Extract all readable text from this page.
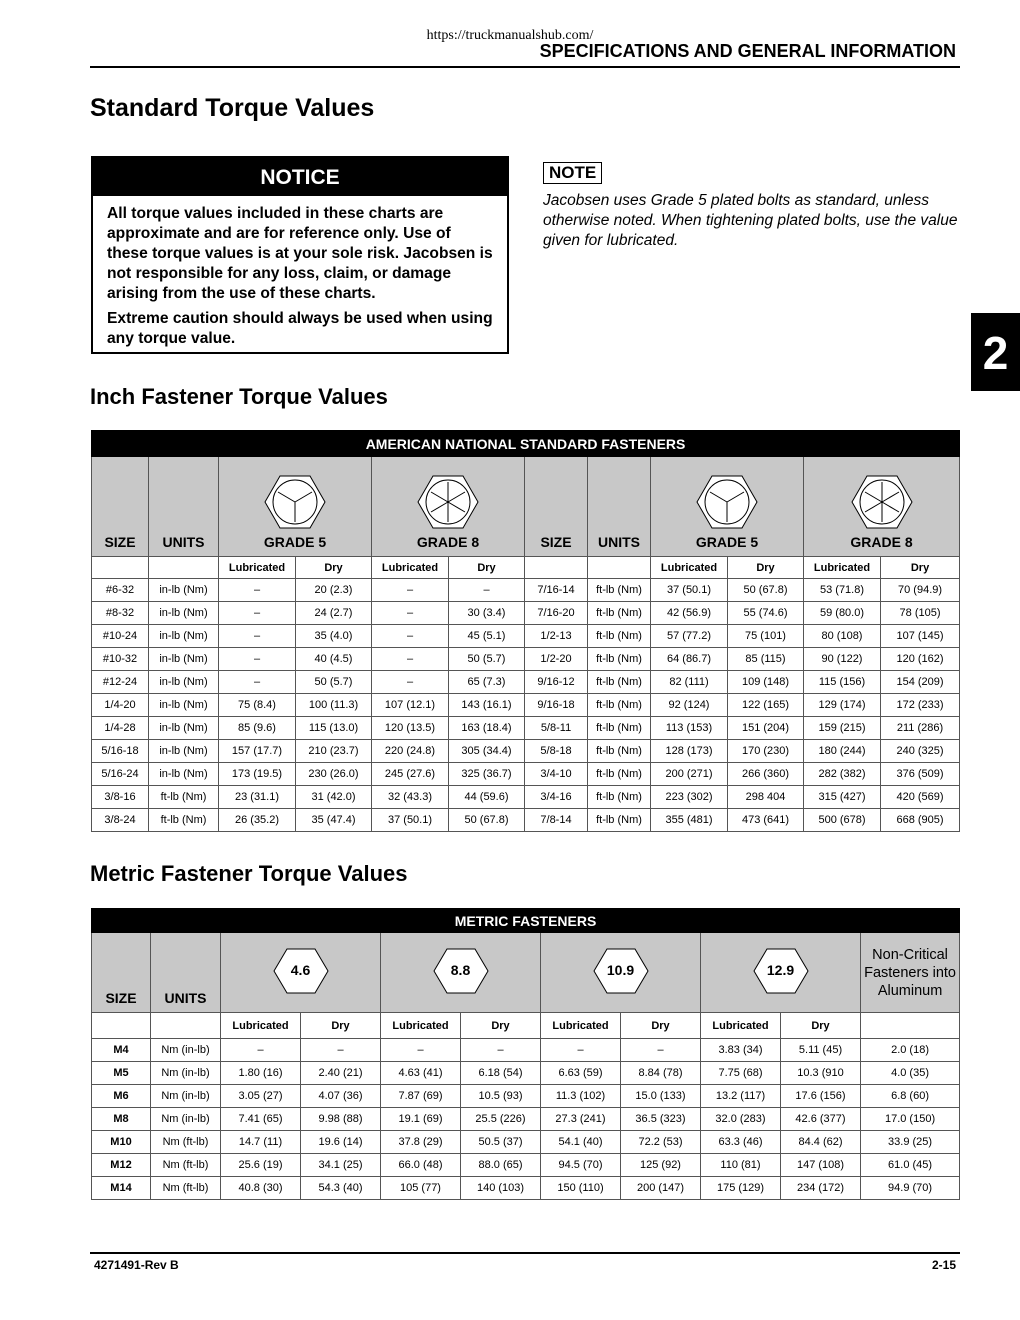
https://truckmanualshub.com/
SPECIFICATIONS AND GENERAL INFORMATION
Standard Torque Values
NOTICE

All torque values included in these charts are approximate and are for reference only. Use of these torque values is at your sole risk. Jacobsen is not responsible for any loss, claim, or damage arising from the use of these charts.

Extreme caution should always be used when using any torque value.

NOTE
Jacobsen uses Grade 5 plated bolts as standard, unless otherwise noted. When tightening plated bolts, use the value given for lubricated.
2
Inch Fastener Torque Values
AMERICAN NATIONAL STANDARD FASTENERS											
SIZE	UNITS	GRADE 5		GRADE 8		SIZE	UNITS	GRADE 5		GRADE 8	

		Lubricated	Dry	Lubricated	Dry			Lubricated	Dry	Lubricated	Dry
#6-32	in-lb (Nm)	–	20 (2.3)	–	–	7/16-14	ft-lb (Nm)	37 (50.1)	50 (67.8)	53 (71.8)	70 (94.9)
#8-32	in-lb (Nm)	–	24 (2.7)	–	30 (3.4)	7/16-20	ft-lb (Nm)	42 (56.9)	55 (74.6)	59 (80.0)	78 (105)
#10-24	in-lb (Nm)	–	35 (4.0)	–	45 (5.1)	1/2-13	ft-lb (Nm)	57 (77.2)	75 (101)	80 (108)	107 (145)
#10-32	in-lb (Nm)	–	40 (4.5)	–	50 (5.7)	1/2-20	ft-lb (Nm)	64 (86.7)	85 (115)	90 (122)	120 (162)
#12-24	in-lb (Nm)	–	50 (5.7)	–	65 (7.3)	9/16-12	ft-lb (Nm)	82 (111)	109 (148)	115 (156)	154 (209)
1/4-20	in-lb (Nm)	75 (8.4)	100 (11.3)	107 (12.1)	143 (16.1)	9/16-18	ft-lb (Nm)	92 (124)	122 (165)	129 (174)	172 (233)
1/4-28	in-lb (Nm)	85 (9.6)	115 (13.0)	120 (13.5)	163 (18.4)	5/8-11	ft-lb (Nm)	113 (153)	151 (204)	159 (215)	211 (286)
5/16-18	in-lb (Nm)	157 (17.7)	210 (23.7)	220 (24.8)	305 (34.4)	5/8-18	ft-lb (Nm)	128 (173)	170 (230)	180 (244)	240 (325)
5/16-24	in-lb (Nm)	173 (19.5)	230 (26.0)	245 (27.6)	325 (36.7)	3/4-10	ft-lb (Nm)	200 (271)	266 (360)	282 (382)	376 (509)
3/8-16	ft-lb (Nm)	23 (31.1)	31 (42.0)	32 (43.3)	44 (59.6)	3/4-16	ft-lb (Nm)	223 (302)	298 404	315 (427)	420 (569)
3/8-24	ft-lb (Nm)	26 (35.2)	35 (47.4)	37 (50.1)	50 (67.8)	7/8-14	ft-lb (Nm)	355 (481)	473 (641)	500 (678)	668 (905)
Metric Fastener Torque Values
METRIC FASTENERS										
SIZE	UNITS	4.6		8.8		10.9		12.9		Non-Critical Fasteners into Aluminum
		Lubricated	Dry	Lubricated	Dry	Lubricated	Dry	Lubricated	Dry	
M4	Nm (in-lb)	–	–	–	–	–	–	3.83 (34)	5.11 (45)	2.0 (18)
M5	Nm (in-lb)	1.80 (16)	2.40 (21)	4.63 (41)	6.18 (54)	6.63 (59)	8.84 (78)	7.75 (68)	10.3 (910	4.0 (35)
M6	Nm (in-lb)	3.05 (27)	4.07 (36)	7.87 (69)	10.5 (93)	11.3 (102)	15.0 (133)	13.2 (117)	17.6 (156)	6.8 (60)
M8	Nm (in-lb)	7.41 (65)	9.98 (88)	19.1 (69)	25.5 (226)	27.3 (241)	36.5 (323)	32.0 (283)	42.6 (377)	17.0 (150)
M10	Nm (ft-lb)	14.7 (11)	19.6 (14)	37.8 (29)	50.5 (37)	54.1 (40)	72.2 (53)	63.3 (46)	84.4 (62)	33.9 (25)
M12	Nm (ft-lb)	25.6 (19)	34.1 (25)	66.0 (48)	88.0 (65)	94.5 (70)	125 (92)	110 (81)	147 (108)	61.0 (45)
M14	Nm (ft-lb)	40.8 (30)	54.3 (40)	105 (77)	140 (103)	150 (110)	200 (147)	175 (129)	234 (172)	94.9 (70)
4271491-Rev B	2-15
